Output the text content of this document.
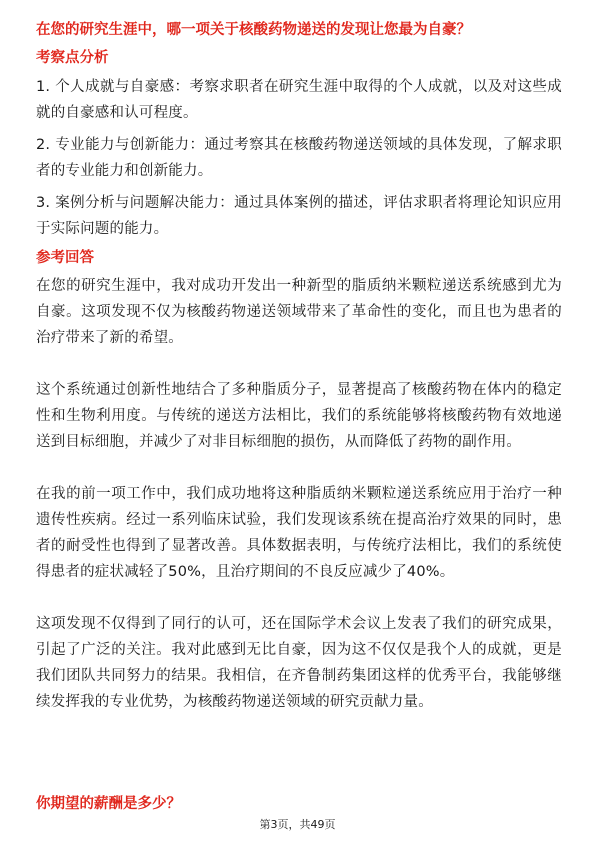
在您的研究生涯中，哪一项关于核酸药物递送的发现让您最为自豪？

考察点分析

1. 个人成就与自豪感：考察求职者在研究生涯中取得的个人成就，以及对这些成就的自豪感和认可程度。

2. 专业能力与创新能力：通过考察其在核酸药物递送领域的具体发现，了解求职者的专业能力和创新能力。

3. 案例分析与问题解决能力：通过具体案例的描述，评估求职者将理论知识应用于实际问题的能力。

参考回答

在您的研究生涯中，我对成功开发出一种新型的脂质纳米颗粒递送系统感到尤为自豪。这项发现不仅为核酸药物递送领域带来了革命性的变化，而且也为患者的治疗带来了新的希望。

这个系统通过创新性地结合了多种脂质分子，显著提高了核酸药物在体内的稳定性和生物利用度。与传统的递送方法相比，我们的系统能够将核酸药物有效地递送到目标细胞，并减少了对非目标细胞的损伤，从而降低了药物的副作用。

在我的前一项工作中，我们成功地将这种脂质纳米颗粒递送系统应用于治疗一种遗传性疾病。经过一系列临床试验，我们发现该系统在提高治疗效果的同时，患者的耐受性也得到了显著改善。具体数据表明，与传统疗法相比，我们的系统使得患者的症状减轻了50%，且治疗期间的不良反应减少了40%。

这项发现不仅得到了同行的认可，还在国际学术会议上发表了我们的研究成果，引起了广泛的关注。我对此感到无比自豪，因为这不仅仅是我个人的成就，更是我们团队共同努力的结果。我相信，在齐鲁制药集团这样的优秀平台，我能够继续发挥我的专业优势，为核酸药物递送领域的研究贡献力量。

你期望的薪酬是多少？

第3页，共49页
